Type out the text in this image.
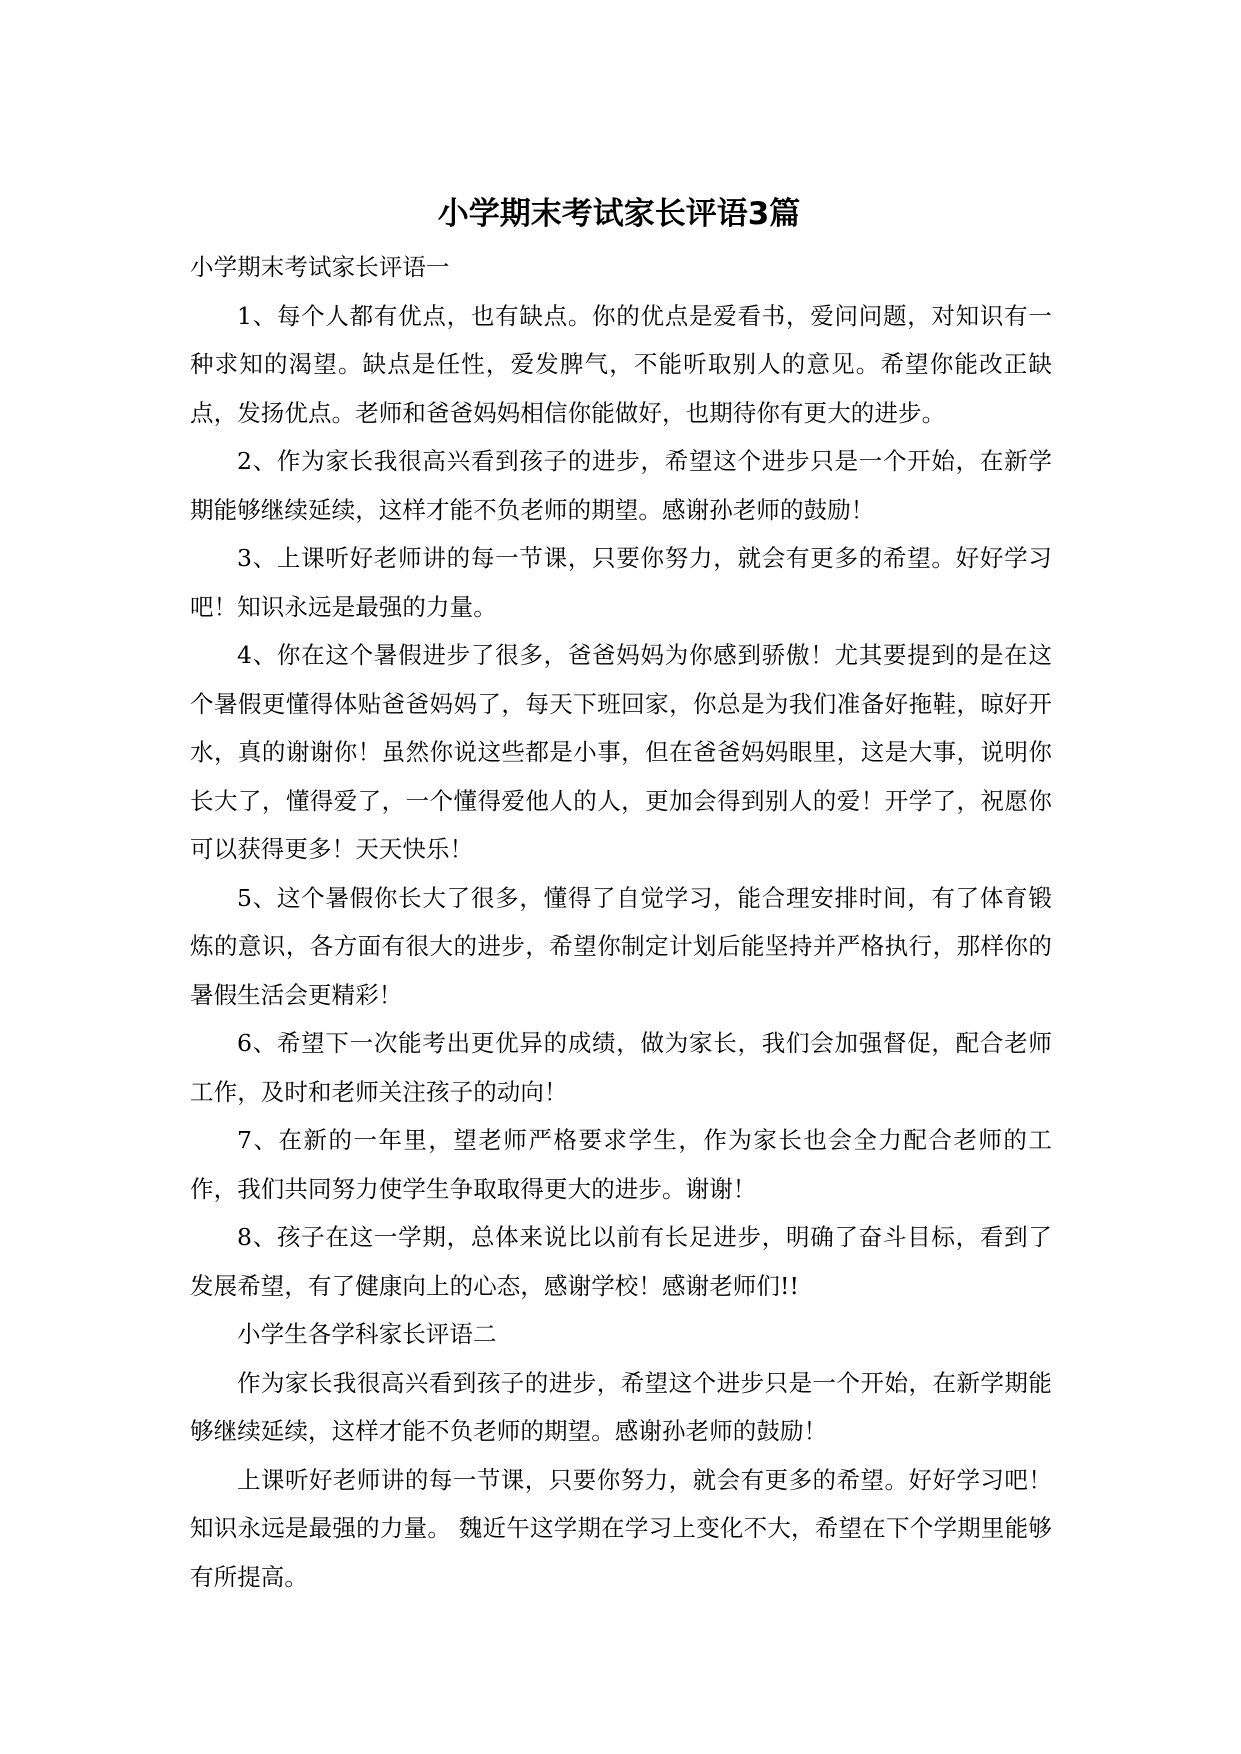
小学期末考试家长评语3篇

小学期末考试家长评语一

1、每个人都有优点，也有缺点。你的优点是爱看书，爱问问题，对知识有一种求知的渴望。缺点是任性，爱发脾气，不能听取别人的意见。希望你能改正缺点，发扬优点。老师和爸爸妈妈相信你能做好，也期待你有更大的进步。

2、作为家长我很高兴看到孩子的进步，希望这个进步只是一个开始，在新学期能够继续延续，这样才能不负老师的期望。感谢孙老师的鼓励！

3、上课听好老师讲的每一节课，只要你努力，就会有更多的希望。好好学习吧！知识永远是最强的力量。

4、你在这个暑假进步了很多，爸爸妈妈为你感到骄傲！尤其要提到的是在这个暑假更懂得体贴爸爸妈妈了，每天下班回家，你总是为我们准备好拖鞋，晾好开水，真的谢谢你！虽然你说这些都是小事，但在爸爸妈妈眼里，这是大事，说明你长大了，懂得爱了，一个懂得爱他人的人，更加会得到别人的爱！开学了，祝愿你可以获得更多！天天快乐！

5、这个暑假你长大了很多，懂得了自觉学习，能合理安排时间，有了体育锻炼的意识，各方面有很大的进步，希望你制定计划后能坚持并严格执行，那样你的暑假生活会更精彩！

6、希望下一次能考出更优异的成绩，做为家长，我们会加强督促，配合老师工作，及时和老师关注孩子的动向！

7、在新的一年里，望老师严格要求学生，作为家长也会全力配合老师的工作，我们共同努力使学生争取取得更大的进步。谢谢！

8、孩子在这一学期，总体来说比以前有长足进步，明确了奋斗目标，看到了发展希望，有了健康向上的心态，感谢学校！感谢老师们!!

小学生各学科家长评语二

作为家长我很高兴看到孩子的进步，希望这个进步只是一个开始，在新学期能够继续延续，这样才能不负老师的期望。感谢孙老师的鼓励！

上课听好老师讲的每一节课，只要你努力，就会有更多的希望。好好学习吧！知识永远是最强的力量。 魏近午这学期在学习上变化不大，希望在下个学期里能够有所提高。
